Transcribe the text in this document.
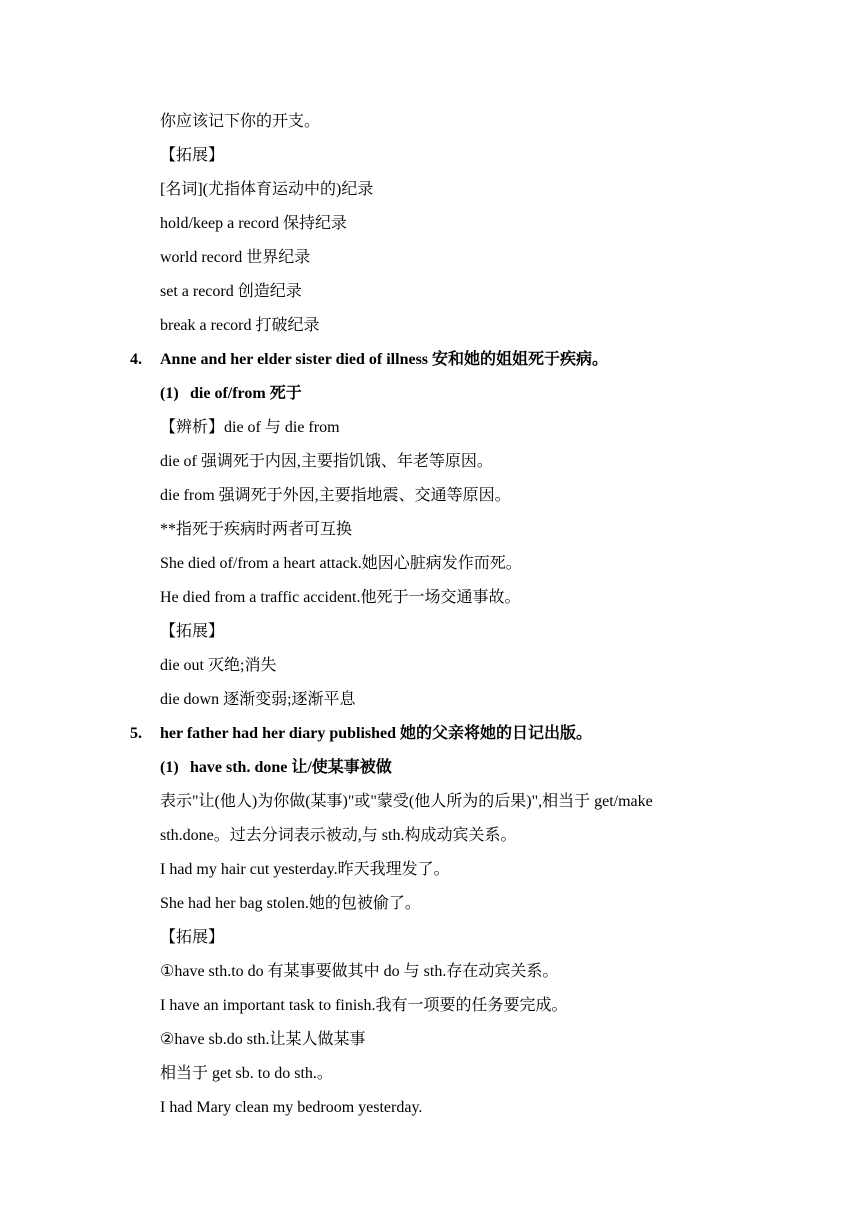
你应该记下你的开支。
【拓展】
[名词](尤指体育运动中的)纪录
hold/keep a record 保持纪录
world record 世界纪录
set a record 创造纪录
break a record 打破纪录
4. Anne and her elder sister died of illness 安和她的姐姐死于疾病。
(1) die of/from 死于
【辨析】die of 与 die from
die of 强调死于内因,主要指饥饿、年老等原因。
die from 强调死于外因,主要指地震、交通等原因。
**指死于疾病时两者可互换
She died of/from a heart attack.她因心脏病发作而死。
He died from a traffic accident.他死于一场交通事故。
【拓展】
die out 灭绝;消失
die down 逐渐变弱;逐渐平息
5. her father had her diary published 她的父亲将她的日记出版。
(1) have sth. done 让/使某事被做
表示"让(他人)为你做(某事)"或"蒙受(他人所为的后果)",相当于 get/make
sth.done。过去分词表示被动,与 sth.构成动宾关系。
I had my hair cut yesterday.昨天我理发了。
She had her bag stolen.她的包被偷了。
【拓展】
①have sth.to do 有某事要做其中 do 与 sth.存在动宾关系。
I have an important task to finish.我有一项要的任务要完成。
②have sb.do sth.让某人做某事
相当于 get sb. to do sth.。
I had Mary clean my bedroom yesterday.
